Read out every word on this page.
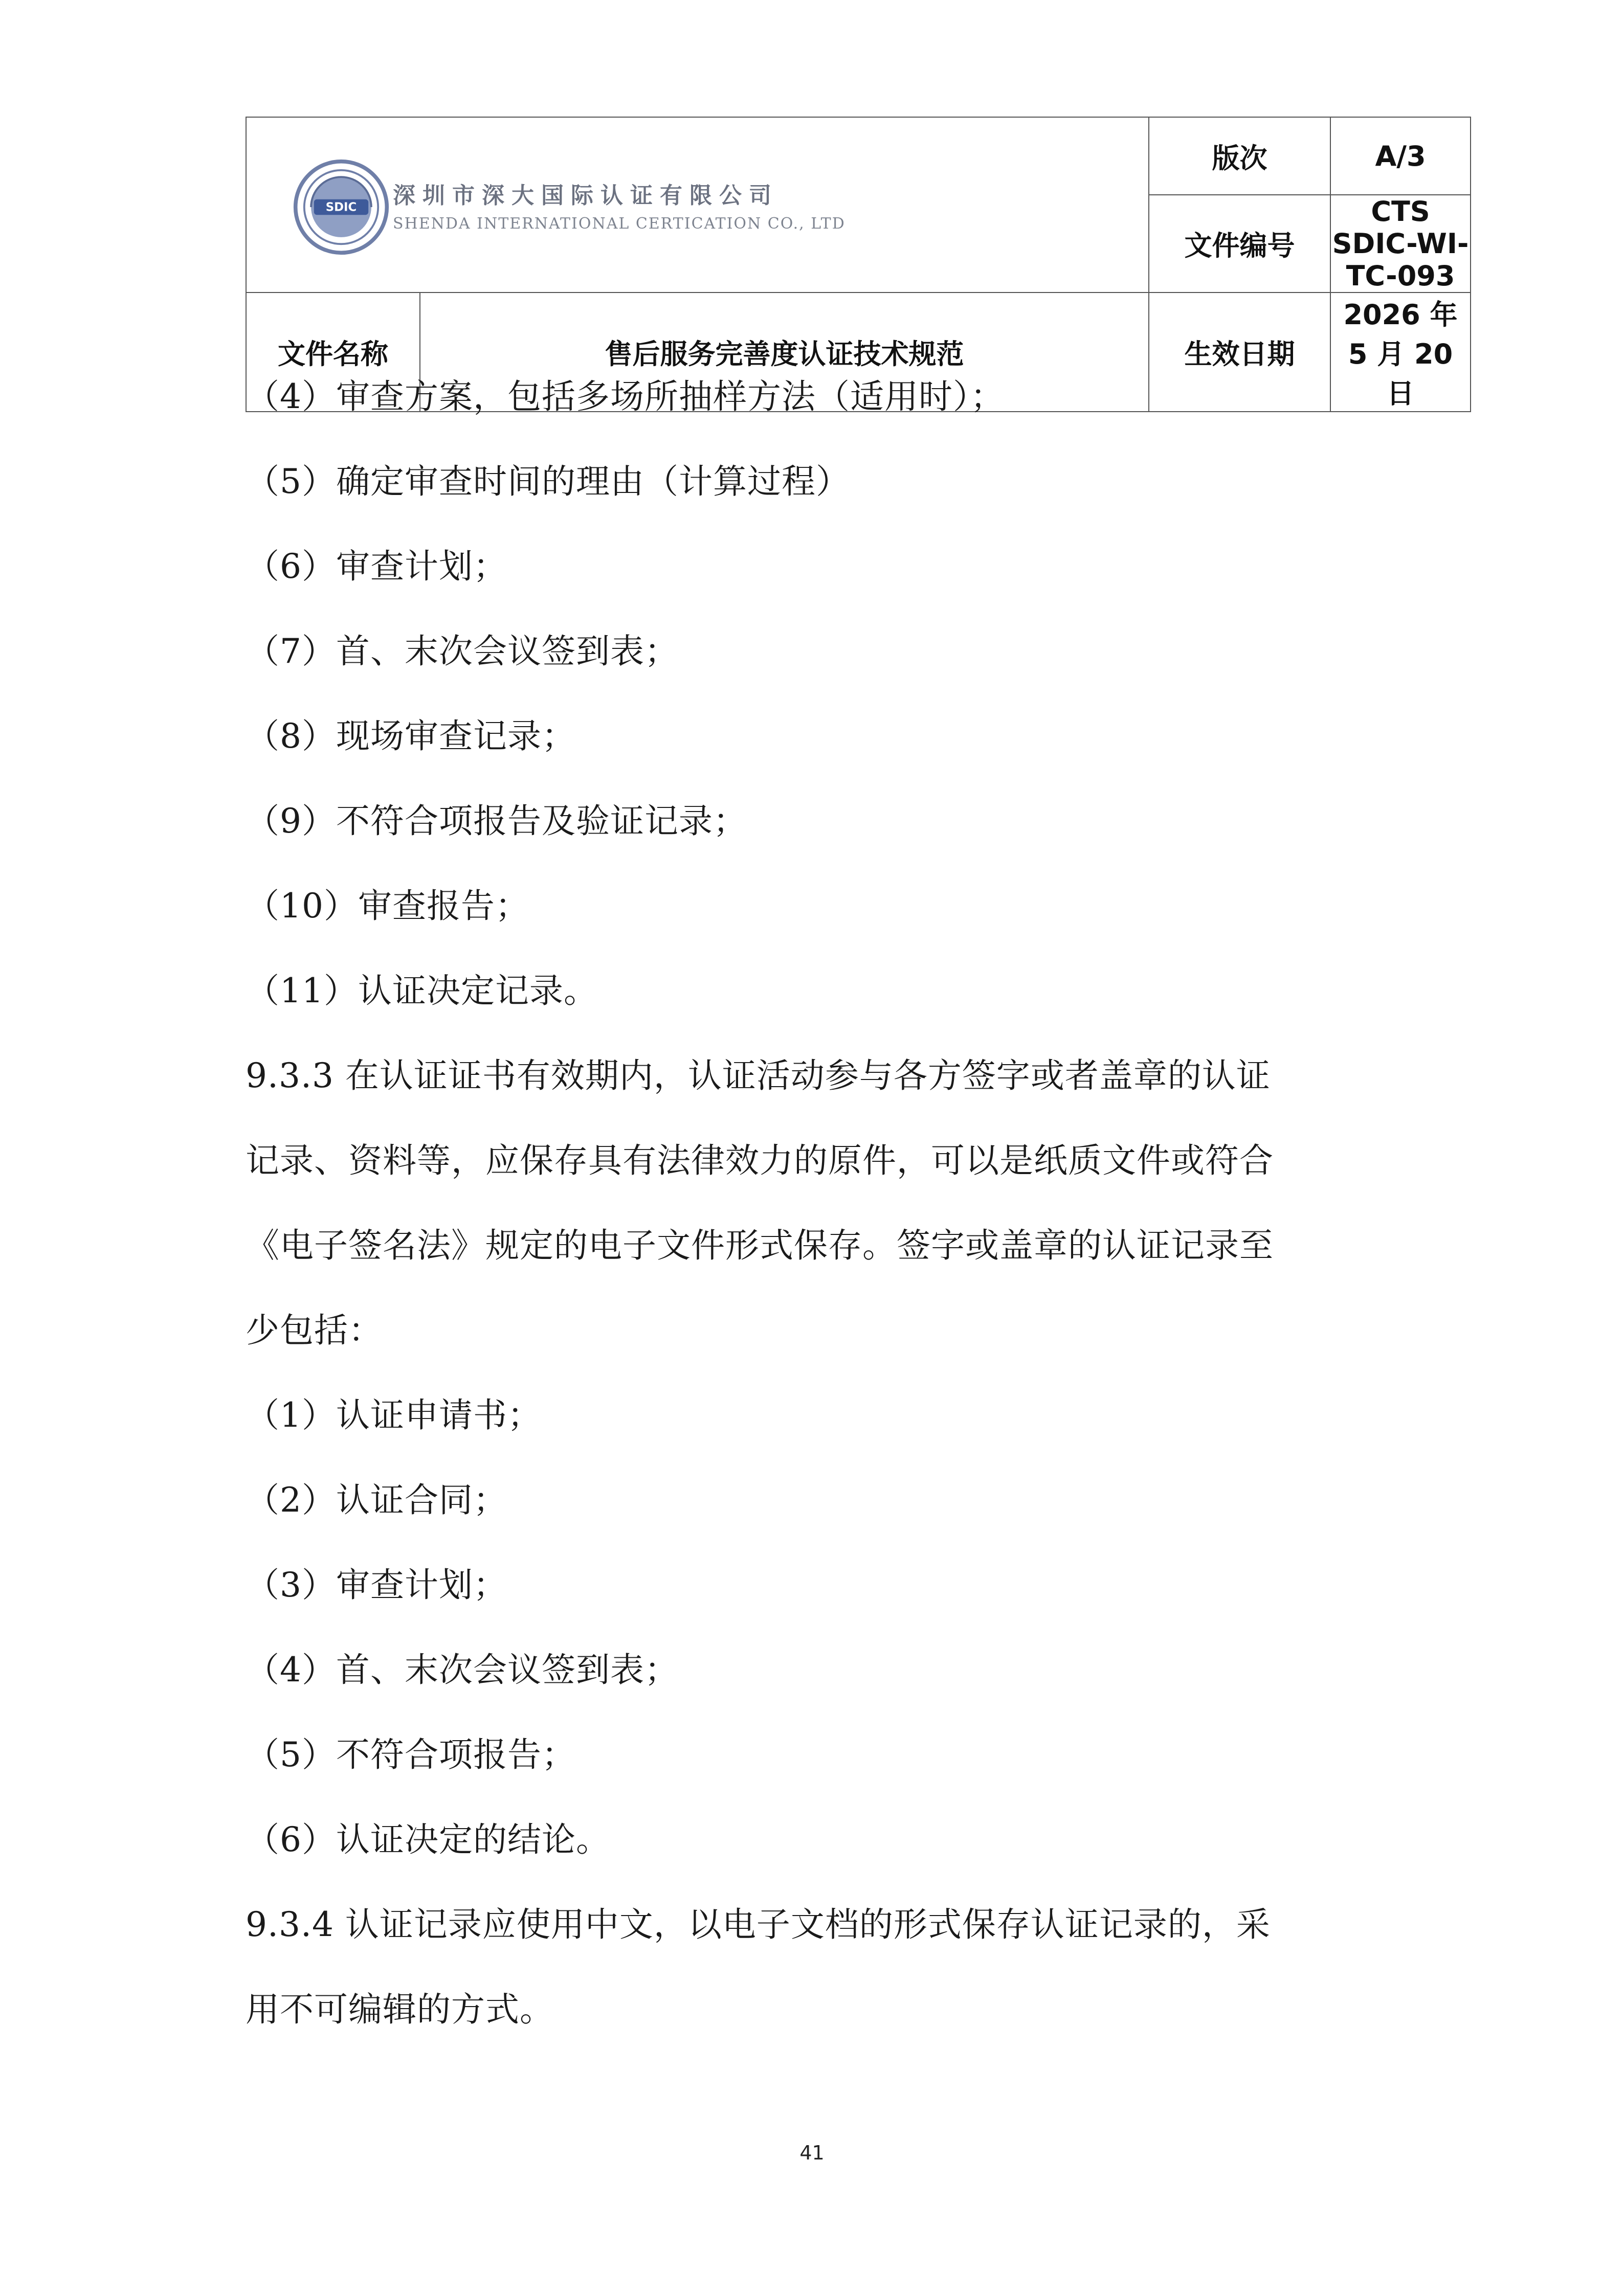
SDIC 深圳市深大国际认证有限公司
SHENDA INTERNATIONAL CERTICATION CO., LTD		版次	A/3
		文件编号	CTS SDIC-WI-TC-093
文件名称	售后服务完善度认证技术规范	生效日期	2026 年 5 月 20 日
（4）审查方案，包括多场所抽样方法（适用时）；
（5）确定审查时间的理由（计算过程）
（6）审查计划；
（7）首、末次会议签到表；
（8）现场审查记录；
（9）不符合项报告及验证记录；
（10）审查报告；
（11）认证决定记录。
9.3.3 在认证证书有效期内，认证活动参与各方签字或者盖章的认证
记录、资料等，应保存具有法律效力的原件，可以是纸质文件或符合
《电子签名法》规定的电子文件形式保存。签字或盖章的认证记录至
少包括：
（1）认证申请书；
（2）认证合同；
（3）审查计划；
（4）首、末次会议签到表；
（5）不符合项报告；
（6）认证决定的结论。
9.3.4 认证记录应使用中文，以电子文档的形式保存认证记录的，采
用不可编辑的方式。
41
